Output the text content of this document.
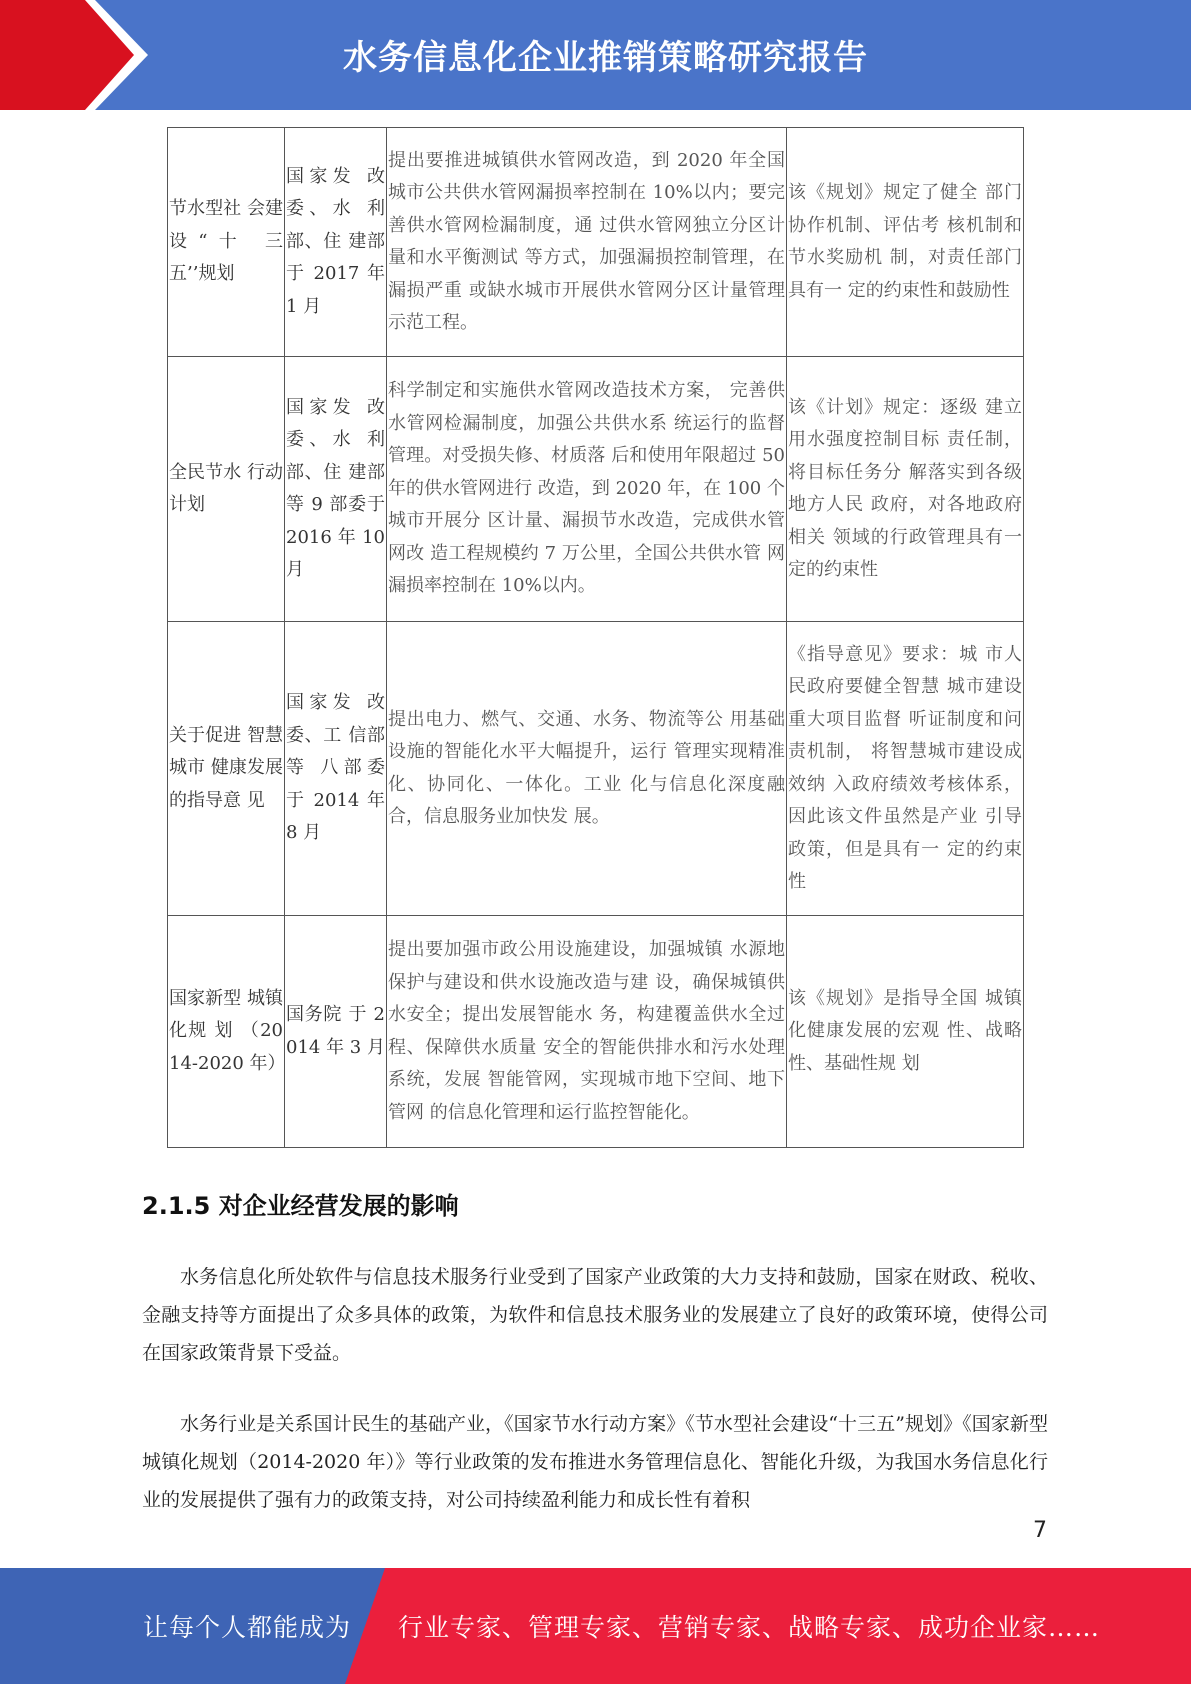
水务信息化企业推销策略研究报告
节水型社 会建设“十 三五’’规划	国家发 改委、水 利部、住 建部于 2017 年 1 月	提出要推进城镇供水管网改造，到 2020 年全国城市公共供水管网漏损率控制在 10%以内；要完善供水管网检漏制度，通 过供水管网独立分区计量和水平衡测试 等方式，加强漏损控制管理，在漏损严重 或缺水城市开展供水管网分区计量管理 示范工程。	该《规划》规定了健全 部门协作机制、评估考 核机制和节水奖励机 制，对责任部门具有一 定的约束性和鼓励性
全民节水 行动计划	国家发 改委、水 利部、住 建部等 9 部委于 2016 年 10 月	科学制定和实施供水管网改造技术方案， 完善供水管网检漏制度，加强公共供水系 统运行的监督管理。对受损失修、材质落 后和使用年限超过 50 年的供水管网进行 改造，到 2020 年，在 100 个城市开展分 区计量、漏损节水改造，完成供水管网改 造工程规模约 7 万公里，全国公共供水管 网漏损率控制在 10%以内。	该《计划》规定：逐级 建立用水强度控制目标 责任制，将目标任务分 解落实到各级地方人民 政府，对各地政府相关 领域的行政管理具有一 定的约束性
关于促进 智慧城市 健康发展 的指导意 见	国家发 改委、工 信部等 八部委 于 2014 年 8 月	提出电力、燃气、交通、水务、物流等公 用基础设施的智能化水平大幅提升，运行 管理实现精准化、协同化、一体化。工业 化与信息化深度融合，信息服务业加快发 展。	《指导意见》要求：城 市人民政府要健全智慧 城市建设重大项目监督 听证制度和问责机制， 将智慧城市建设成效纳 入政府绩效考核体系， 因此该文件虽然是产业 引导政策，但是具有一 定的约束性
国家新型 城镇化规 划 （2014-2020 年）	国务院 于 2014 年 3 月	提出要加强市政公用设施建设，加强城镇 水源地保护与建设和供水设施改造与建 设，确保城镇供水安全；提出发展智能水 务，构建覆盖供水全过程、保障供水质量 安全的智能供排水和污水处理系统，发展 智能管网，实现城市地下空间、地下管网 的信息化管理和运行监控智能化。	该《规划》是指导全国 城镇化健康发展的宏观 性、战略性、基础性规 划
2.1.5 对企业经营发展的影响

水务信息化所处软件与信息技术服务行业受到了国家产业政策的大力支持和鼓励，国家在财政、税收、金融支持等方面提出了众多具体的政策，为软件和信息技术服务业的发展建立了良好的政策环境，使得公司在国家政策背景下受益。

水务行业是关系国计民生的基础产业，《国家节水行动方案》《节水型社会建设“十三五”规划》《国家新型城镇化规划（2014-2020 年）》等行业政策的发布推进水务管理信息化、智能化升级，为我国水务信息化行业的发展提供了强有力的政策支持，对公司持续盈利能力和成长性有着积

7
让每个人都能成为 行业专家、管理专家、营销专家、战略专家、成功企业家……
